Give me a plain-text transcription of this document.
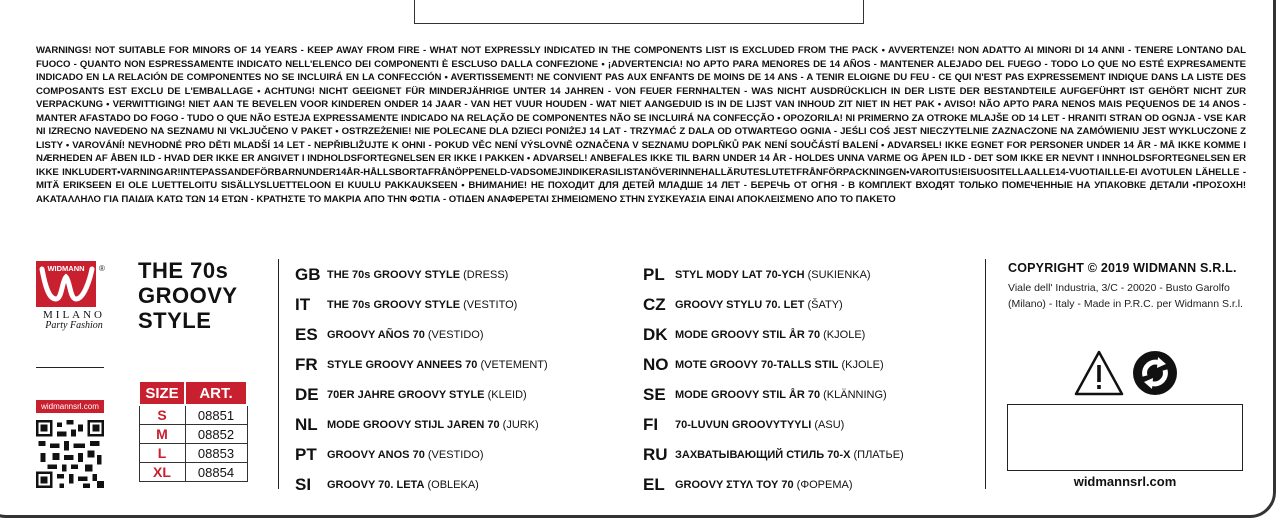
WARNINGS! NOT SUITABLE FOR MINORS OF 14 YEARS - KEEP AWAY FROM FIRE - WHAT NOT EXPRESSLY INDICATED IN THE COMPONENTS LIST IS EXCLUDED FROM THE PACK • AVVERTENZE! NON ADATTO AI MINORI DI 14 ANNI - TENERE LONTANO DAL FUOCO - QUANTO NON ESPRESSAMENTE INDICATO NELL'ELENCO DEI COMPONENTI È ESCLUSO DALLA CONFEZIONE • ¡ADVERTENCIA! NO APTO PARA MENORES DE 14 AÑOS - MANTENER ALEJADO DEL FUEGO - TODO LO QUE NO ESTÉ EXPRESAMENTE INDICADO EN LA RELACIÓN DE COMPONENTES NO SE INCLUIRÁ EN LA CONFECCIÓN • AVERTISSEMENT! NE CONVIENT PAS AUX ENFANTS DE MOINS DE 14 ANS - A TENIR ELOIGNE DU FEU - CE QUI N'EST PAS EXPRESSEMENT INDIQUE DANS LA LISTE DES COMPOSANTS EST EXCLU DE L'EMBALLAGE • ACHTUNG! NICHT GEEIGNET FÜR MINDERJÄHRIGE UNTER 14 JAHREN - VON FEUER FERNHALTEN - WAS NICHT AUSDRÜCKLICH IN DER LISTE DER BESTANDTEILE AUFGEFÜHRT IST GEHÖRT NICHT ZUR VERPACKUNG • VERWITTIGING! NIET AAN TE BEVELEN VOOR KINDEREN ONDER 14 JAAR - VAN HET VUUR HOUDEN - WAT NIET AANGEDUID IS IN DE LIJST VAN INHOUD ZIT NIET IN HET PAK • AVISO! NÃO APTO PARA NENOS MAIS PEQUENOS DE 14 ANOS - MANTER AFASTADO DO FOGO - TUDO O QUE NÃO ESTEJA EXPRESSAMENTE INDICADO NA RELAÇÃO DE COMPONENTES NÃO SE INCLUIRÁ NA CONFECÇÃO • OPOZORILA! NI PRIMERNO ZA OTROKE MLAJŠE OD 14 LET - HRANITI STRAN OD OGNJA - VSE KAR NI IZRECNO NAVEDENO NA SEZNAMU NI VKLJUČENO V PAKET • OSTRZEŻENIE! NIE POLECANE DLA DZIECI PONIŻEJ 14 LAT - TRZYMAĆ Z DALA OD OTWARTEGO OGNIA - JEŚLI COŚ JEST NIECZYTELNIE ZAZNACZONE NA ZAMÓWIENIU JEST WYKLUCZONE Z LISTY • VAROVÁNÍ! NEVHODNÉ PRO DĚTI MLADŠÍ 14 LET - NEPŘIBLIŽUJTE K OHNI - POKUD VĚC NENÍ VÝSLOVNĚ OZNAČENA V SEZNAMU DOPLŇKŮ PAK NENÍ SOUČÁSTÍ BALENÍ • ADVARSEL! IKKE EGNET FOR PERSONER UNDER 14 ÅR - MÅ IKKE KOMME I NÆRHEDEN AF ÅBEN ILD - HVAD DER IKKE ER ANGIVET I INDHOLDSFORTEGNELSEN ER IKKE I PAKKEN • ADVARSEL! ANBEFALES IKKE TIL BARN UNDER 14 ÅR - HOLDES UNNA VARME OG ÅPEN ILD - DET SOM IKKE ER NEVNT I INNHOLDSFORTEGNELSEN ER IKKE INKLUDERT•VARNINGAR!INTEPASSANDEFÖRBARNUNDER14ÅR-HÅLLSBORTAFRÅNÖPPENELD-VADSOMEJINDIKERASILISTANÖVERINNEHALLÄRUTESLUTETFRÅNFÖRPACKNINGEN•VAROITUS!EISUOSITELLAALLE14-VUOTIAILLE-EI AVOTULEN LÄHELLE - MITÄ ERIKSEEN EI OLE LUETTELOITU SISÄLLYSLUETTELOON EI KUULU PAKKAUKSEEN • ВНИМАНИЕ! НЕ ПОХОДИТ ДЛЯ ДЕТЕЙ МЛАДШЕ 14 ЛЕТ - БЕРЕЧЬ ОТ ОГНЯ - В КОМПЛЕКТ ВХОДЯТ ТОЛЬКО ПОМЕЧЕННЫЕ НА УПАКОВКЕ ДЕТАЛИ •ΠΡΟΣΟΧΗ! ΑΚΑΤΑΛΛΗΛΟ ΓΙΑ ΠΑΙΔΙΆ ΚΑΤΩ ΤΩΝ 14 ΕΤΩΝ - ΚΡΑΤΗΣΤΕ ΤΟ ΜΑΚΡΙΑ ΑΠΟ ΤΗΝ ΦΩΤΙΑ - ΟΤΙΔΕΝ ΑΝΑΦΕΡΕΤΑΙ ΣΗΜΕΙΩΜΕΝΟ ΣΤΗΝ ΣΥΣΚΕΥΑΣΙΑ ΕΙΝΑΙ ΑΠΟΚΛΕΙΣΜΕΝΟ ΑΠΟ ΤΟ ΠΑΚΕΤΟ
WIDMANN ®
MILANO
Party Fashion
THE 70s
GROOVY
STYLE
widmannsrl.com
SIZE	ART.
S	08851
M	08852
L	08853
XL	08854
GB THE 70s GROOVY STYLE (DRESS)
IT	THE 70s GROOVY STYLE (VESTITO)
ES GROOVY AÑOS 70 (VESTIDO)
FR STYLE GROOVY ANNEES 70 (VETEMENT)
DE 70ER JAHRE GROOVY STYLE (KLEID)
NL MODE GROOVY STIJL JAREN 70 (JURK)
PT GROOVY ANOS 70 (VESTIDO)
SI	GROOVY 70. LETA (OBLEKA)
PL STYL MODY LAT 70-YCH (SUKIENKA)
CZ GROOVY STYLU 70. LET (ŠATY)
DK MODE GROOVY STIL ÅR 70 (KJOLE)
NO MOTE GROOVY 70-TALLS STIL (KJOLE)
SE MODE GROOVY STIL ÅR 70 (KLÄNNING)
FI	70-LUVUN GROOVYTYYLI (ASU)
RU ЗАХВАТЫВАЮЩИЙ СТИЛЬ 70-Х (ПЛАТЬЕ)
EL GROOVY ΣΤΥΛ ΤΟΥ 70 (ΦΟΡΕΜΑ)
COPYRIGHT © 2019 WIDMANN S.R.L.
Viale dell' Industria, 3/C - 20020 - Busto Garolfo (Milano) - Italy - Made in P.R.C. per Widmann S.r.l.
widmannsrl.com
